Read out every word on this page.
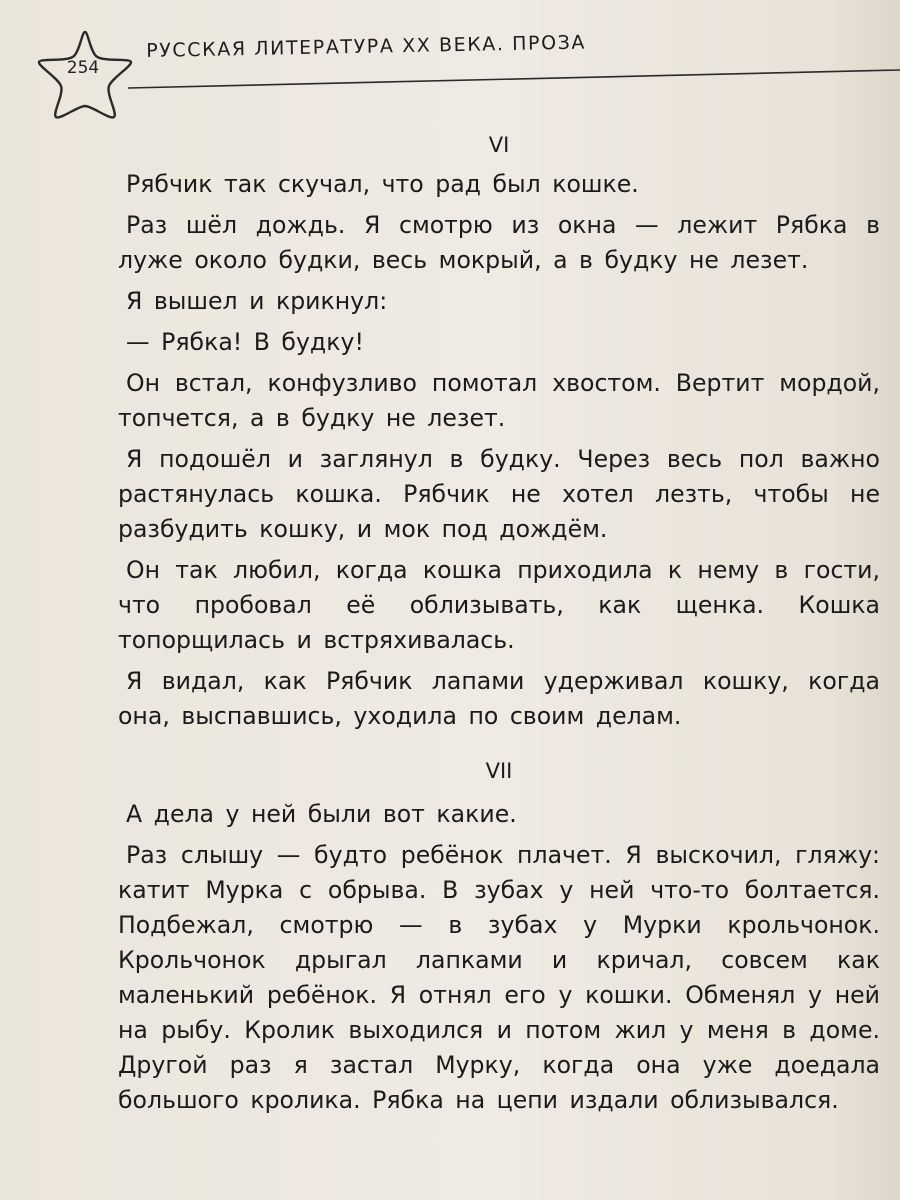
254
РУССКАЯ ЛИТЕРАТУРА XX ВЕКА. ПРОЗА
VI

Рябчик так скучал, что рад был кошке.

Раз шёл дождь. Я смотрю из окна — лежит Рябка в луже около будки, весь мокрый, а в будку не лезет.

Я вышел и крикнул:

— Рябка! В будку!

Он встал, конфузливо помотал хвостом. Вертит мордой, топчется, а в будку не лезет.

Я подошёл и заглянул в будку. Через весь пол важно растянулась кошка. Рябчик не хотел лезть, чтобы не разбудить кошку, и мок под дождём.

Он так любил, когда кошка приходила к нему в гости, что пробовал её облизывать, как щенка. Кошка топорщилась и встряхивалась.

Я видал, как Рябчик лапами удерживал кошку, когда она, выспавшись, уходила по своим делам.

VII

А дела у ней были вот какие.

Раз слышу — будто ребёнок плачет. Я выскочил, гляжу: катит Мурка с обрыва. В зубах у ней что-то болтается. Подбежал, смотрю — в зубах у Мурки крольчонок. Крольчонок дрыгал лапками и кричал, совсем как маленький ребёнок. Я отнял его у кошки. Обменял у ней на рыбу. Кролик выходился и потом жил у меня в доме. Другой раз я застал Мурку, когда она уже доедала большого кролика. Рябка на цепи издали облизывался.
